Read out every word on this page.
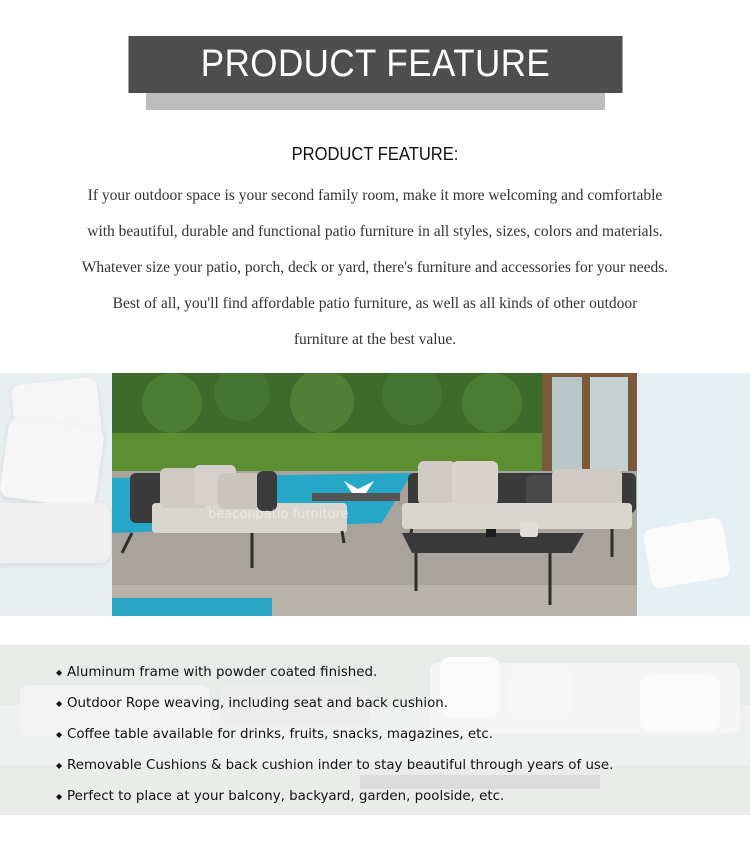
PRODUCT FEATURE
PRODUCT FEATURE:
If your outdoor space is your second family room, make it more welcoming and comfortable
with beautiful, durable and functional patio furniture in all styles, sizes, colors and materials.
Whatever size your patio, porch, deck or yard, there's furniture and accessories for your needs.
Best of all, you'll find affordable patio furniture, as well as all kinds of other outdoor
furniture at the best value.
beaconpatio furniture
◆ Aluminum frame with powder coated finished.
◆ Outdoor Rope weaving, including seat and back cushion.
◆ Coffee table available for drinks, fruits, snacks, magazines, etc.
◆ Removable Cushions & back cushion inder to stay beautiful through years of use.
◆ Perfect to place at your balcony, backyard, garden, poolside, etc.
